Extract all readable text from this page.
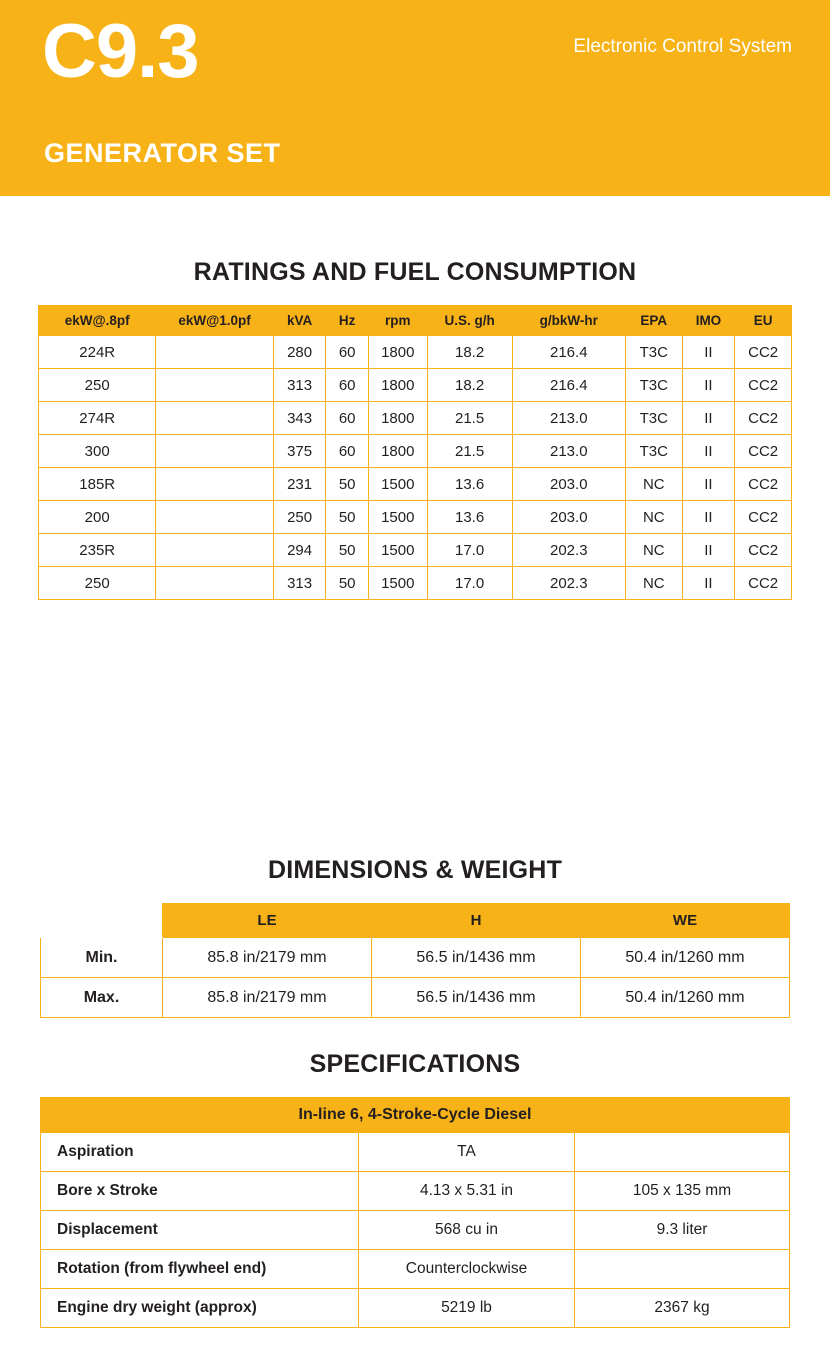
C9.3
GENERATOR SET
Electronic Control System
RATINGS AND FUEL CONSUMPTION
ekW@.8pf	ekW@1.0pf	kVA	Hz	rpm	U.S. g/h	g/bkW-hr	EPA	IMO	EU
224R		280	60	1800	18.2	216.4	T3C	II	CC2
250		313	60	1800	18.2	216.4	T3C	II	CC2
274R		343	60	1800	21.5	213.0	T3C	II	CC2
300		375	60	1800	21.5	213.0	T3C	II	CC2
185R		231	50	1500	13.6	203.0	NC	II	CC2
200		250	50	1500	13.6	203.0	NC	II	CC2
235R		294	50	1500	17.0	202.3	NC	II	CC2
250		313	50	1500	17.0	202.3	NC	II	CC2
DIMENSIONS & WEIGHT
	LE	H	WE
Min.	85.8 in/2179 mm	56.5 in/1436 mm	50.4 in/1260 mm
Max.	85.8 in/2179 mm	56.5 in/1436 mm	50.4 in/1260 mm
SPECIFICATIONS
In-line 6, 4-Stroke-Cycle Diesel		
Aspiration	TA	
Bore x Stroke	4.13 x 5.31 in	105 x 135 mm
Displacement	568 cu in	9.3 liter
Rotation (from flywheel end)	Counterclockwise	
Engine dry weight (approx)	5219 lb	2367 kg
